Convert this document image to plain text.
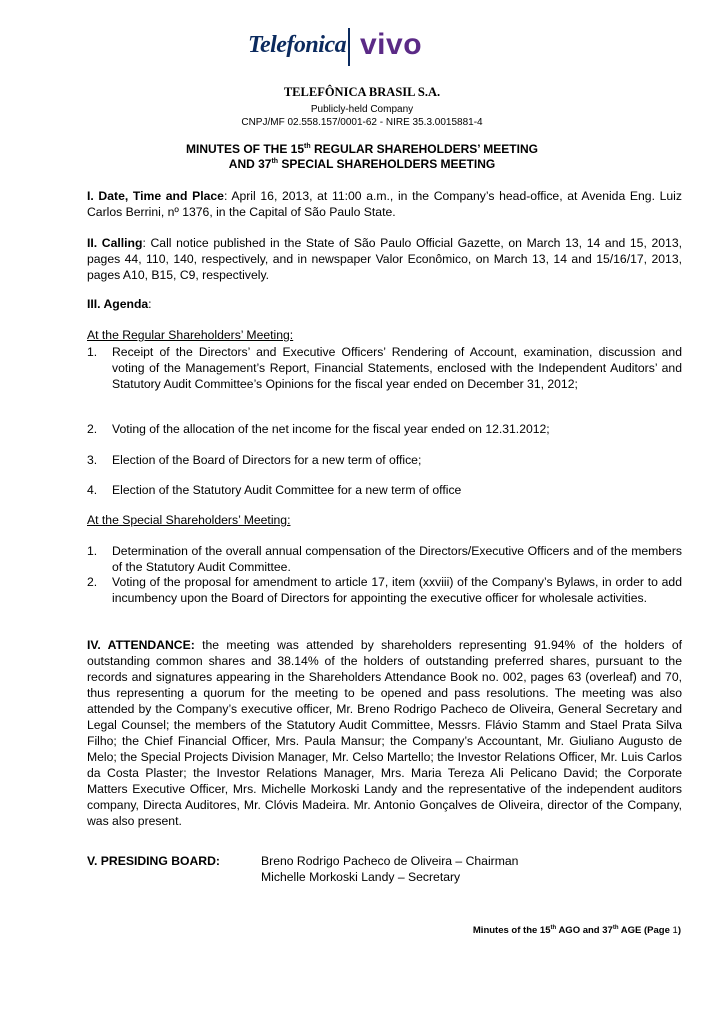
Telefonica vivo
TELEFÔNICA BRASIL S.A.
Publicly-held Company
CNPJ/MF 02.558.157/0001-62 - NIRE 35.3.0015881-4
MINUTES OF THE 15th REGULAR SHAREHOLDERS’ MEETING
AND 37th SPECIAL SHAREHOLDERS MEETING
I. Date, Time and Place: April 16, 2013, at 11:00 a.m., in the Company’s head-office, at Avenida Eng. Luiz Carlos Berrini, nº 1376, in the Capital of São Paulo State.
II. Calling: Call notice published in the State of São Paulo Official Gazette, on March 13, 14 and 15, 2013, pages 44, 110, 140, respectively, and in newspaper Valor Econômico, on March 13, 14 and 15/16/17, 2013, pages A10, B15, C9, respectively.
III. Agenda:
At the Regular Shareholders’ Meeting:
1. Receipt of the Directors’ and Executive Officers’ Rendering of Account, examination, discussion and voting of the Management’s Report, Financial Statements, enclosed with the Independent Auditors’ and Statutory Audit Committee’s Opinions for the fiscal year ended on December 31, 2012;
2. Voting of the allocation of the net income for the fiscal year ended on 12.31.2012;
3. Election of the Board of Directors for a new term of office;
4. Election of the Statutory Audit Committee for a new term of office
At the Special Shareholders’ Meeting:
1. Determination of the overall annual compensation of the Directors/Executive Officers and of the members of the Statutory Audit Committee.
2. Voting of the proposal for amendment to article 17, item (xxviii) of the Company’s Bylaws, in order to add incumbency upon the Board of Directors for appointing the executive officer for wholesale activities.
IV. ATTENDANCE: the meeting was attended by shareholders representing 91.94% of the holders of outstanding common shares and 38.14% of the holders of outstanding preferred shares, pursuant to the records and signatures appearing in the Shareholders Attendance Book no. 002, pages 63 (overleaf) and 70, thus representing a quorum for the meeting to be opened and pass resolutions. The meeting was also attended by the Company’s executive officer, Mr. Breno Rodrigo Pacheco de Oliveira, General Secretary and Legal Counsel; the members of the Statutory Audit Committee, Messrs. Flávio Stamm and Stael Prata Silva Filho; the Chief Financial Officer, Mrs. Paula Mansur; the Company’s Accountant, Mr. Giuliano Augusto de Melo; the Special Projects Division Manager, Mr. Celso Martello; the Investor Relations Officer, Mr. Luis Carlos da Costa Plaster; the Investor Relations Manager, Mrs. Maria Tereza Ali Pelicano David; the Corporate Matters Executive Officer, Mrs. Michelle Morkoski Landy and the representative of the independent auditors company, Directa Auditores, Mr. Clóvis Madeira. Mr. Antonio Gonçalves de Oliveira, director of the Company, was also present.
V. PRESIDING BOARD:	Breno Rodrigo Pacheco de Oliveira – Chairman
Michelle Morkoski Landy – Secretary
Minutes of the 15th AGO and 37th AGE (Page 1)
